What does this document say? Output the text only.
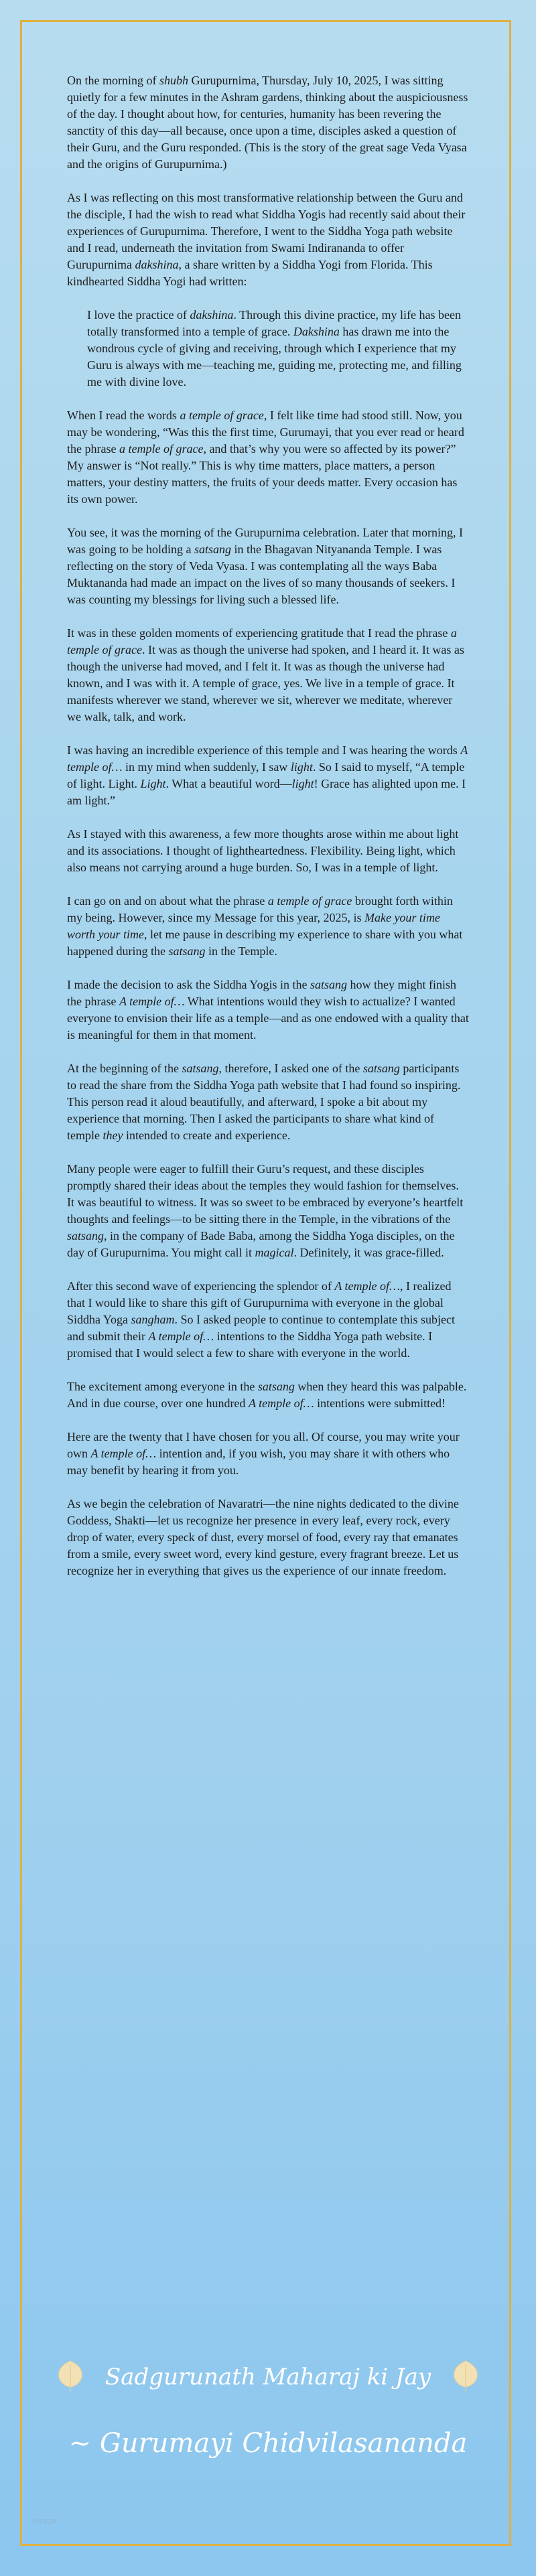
On the morning of shubh Gurupurnima, Thursday, July 10, 2025, I was sitting quietly for a few minutes in the Ashram gardens, thinking about the auspiciousness of the day. I thought about how, for centuries, humanity has been revering the sanctity of this day—all because, once upon a time, disciples asked a question of their Guru, and the Guru responded. (This is the story of the great sage Veda Vyasa and the origins of Gurupurnima.)

As I was reflecting on this most transformative relationship between the Guru and the disciple, I had the wish to read what Siddha Yogis had recently said about their experiences of Gurupurnima. Therefore, I went to the Siddha Yoga path website and I read, underneath the invitation from Swami Indirananda to offer Gurupurnima dakshina, a share written by a Siddha Yogi from Florida. This kindhearted Siddha Yogi had written:

I love the practice of dakshina. Through this divine practice, my life has been totally transformed into a temple of grace. Dakshina has drawn me into the wondrous cycle of giving and receiving, through which I experience that my Guru is always with me—teaching me, guiding me, protecting me, and filling me with divine love.

When I read the words a temple of grace, I felt like time had stood still. Now, you may be wondering, “Was this the first time, Gurumayi, that you ever read or heard the phrase a temple of grace, and that’s why you were so affected by its power?” My answer is “Not really.” This is why time matters, place matters, a person matters, your destiny matters, the fruits of your deeds matter. Every occasion has its own power.

You see, it was the morning of the Gurupurnima celebration. Later that morning, I was going to be holding a satsang in the Bhagavan Nityananda Temple. I was reflecting on the story of Veda Vyasa. I was contemplating all the ways Baba Muktananda had made an impact on the lives of so many thousands of seekers. I was counting my blessings for living such a blessed life.

It was in these golden moments of experiencing gratitude that I read the phrase a temple of grace. It was as though the universe had spoken, and I heard it. It was as though the universe had moved, and I felt it. It was as though the universe had known, and I was with it. A temple of grace, yes. We live in a temple of grace. It manifests wherever we stand, wherever we sit, wherever we meditate, wherever we walk, talk, and work.

I was having an incredible experience of this temple and I was hearing the words A temple of… in my mind when suddenly, I saw light. So I said to myself, “A temple of light. Light. Light. What a beautiful word—light! Grace has alighted upon me. I am light.”

As I stayed with this awareness, a few more thoughts arose within me about light and its associations. I thought of lightheartedness. Flexibility. Being light, which also means not carrying around a huge burden. So, I was in a temple of light.

I can go on and on about what the phrase a temple of grace brought forth within my being. However, since my Message for this year, 2025, is Make your time worth your time, let me pause in describing my experience to share with you what happened during the satsang in the Temple.

I made the decision to ask the Siddha Yogis in the satsang how they might finish the phrase A temple of… What intentions would they wish to actualize? I wanted everyone to envision their life as a temple—and as one endowed with a quality that is meaningful for them in that moment.

At the beginning of the satsang, therefore, I asked one of the satsang participants to read the share from the Siddha Yoga path website that I had found so inspiring. This person read it aloud beautifully, and afterward, I spoke a bit about my experience that morning. Then I asked the participants to share what kind of temple they intended to create and experience.

Many people were eager to fulfill their Guru’s request, and these disciples promptly shared their ideas about the temples they would fashion for themselves. It was beautiful to witness. It was so sweet to be embraced by everyone’s heartfelt thoughts and feelings—to be sitting there in the Temple, in the vibrations of the satsang, in the company of Bade Baba, among the Siddha Yoga disciples, on the day of Gurupurnima. You might call it magical. Definitely, it was grace-filled.

After this second wave of experiencing the splendor of A temple of…, I realized that I would like to share this gift of Gurupurnima with everyone in the global Siddha Yoga sangham. So I asked people to continue to contemplate this subject and submit their A temple of… intentions to the Siddha Yoga path website. I promised that I would select a few to share with everyone in the world.

The excitement among everyone in the satsang when they heard this was palpable. And in due course, over one hundred A temple of… intentions were submitted!

Here are the twenty that I have chosen for you all. Of course, you may write your own A temple of… intention and, if you wish, you may share it with others who may benefit by hearing it from you.

As we begin the celebration of Navaratri—the nine nights dedicated to the divine Goddess, Shakti—let us recognize her presence in every leaf, every rock, every drop of water, every speck of dust, every morsel of food, every ray that emanates from a smile, every sweet word, every kind gesture, every fragrant breeze. Let us recognize her in everything that gives us the experience of our innate freedom.

Sadgurunath Maharaj ki Jay
~ Gurumayi Chidvilasananda
©SYDA
